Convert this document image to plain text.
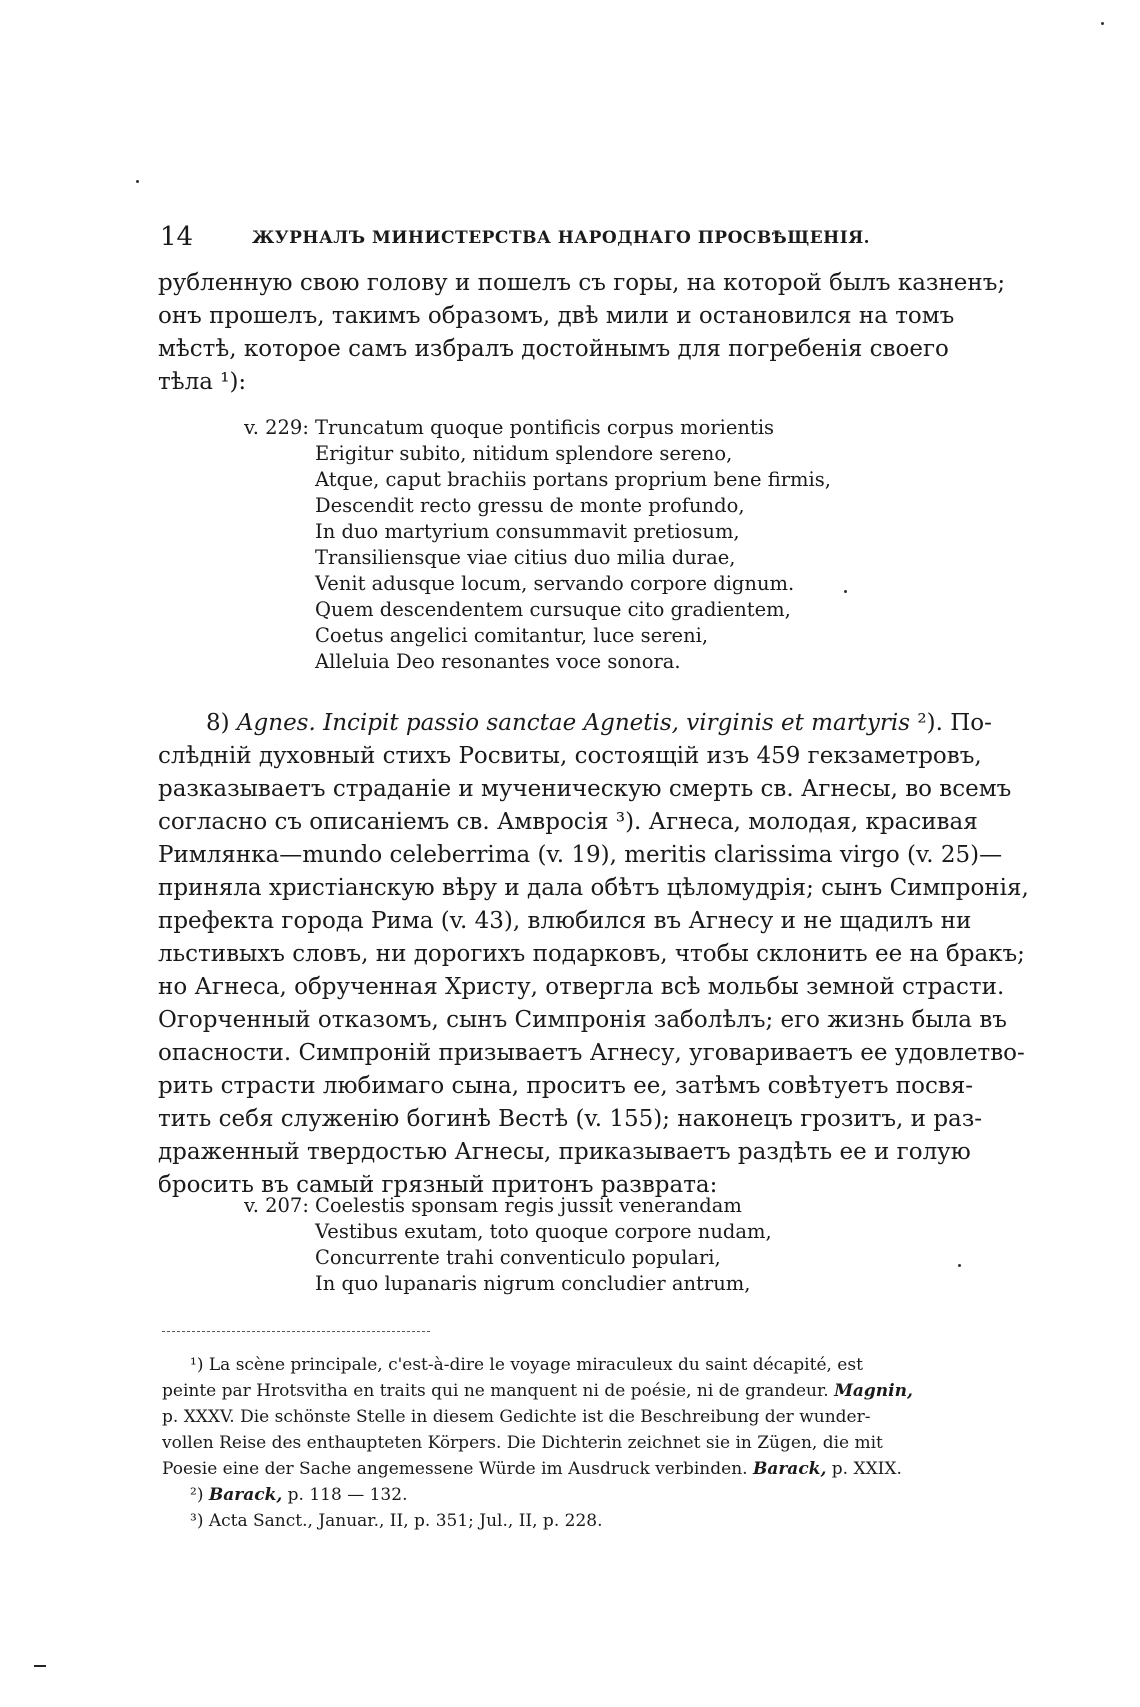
14	ЖУРНАЛЪ МИНИСТЕРСТВА НАРОДНАГО ПРОСВѢЩЕНІЯ.
рубленную свою голову и пошелъ съ горы, на которой былъ казненъ;
онъ прошелъ, такимъ образомъ, двѣ мили и остановился на томъ
мѣстѣ, которое самъ избралъ достойнымъ для погребенія своего
тѣла ¹):
v. 229: Truncatum quoque pontificis corpus morientis
Erigitur subito, nitidum splendore sereno,
Atque, caput brachiis portans proprium bene firmis,
Descendit recto gressu de monte profundo,
In duo martyrium consummavit pretiosum,
Transiliensque viae citius duo milia durae,
Venit adusque locum, servando corpore dignum.
Quem descendentem cursuque cito gradientem,
Coetus angelici comitantur, luce sereni,
Alleluia Deo resonantes voce sonora.
8) Agnes. Incipit passio sanctae Agnetis, virginis et martyris ²). По-
слѣдній духовный стихъ Росвиты, состоящій изъ 459 гекзаметровъ,
разказываетъ страданіе и мученическую смерть св. Агнесы, во всемъ
согласно съ описаніемъ св. Амвросія ³). Агнеса, молодая, красивая
Римлянка—mundo celeberrima (v. 19), meritis clarissima virgo (v. 25)—
приняла христіанскую вѣру и дала обѣтъ цѣломудрія; сынъ Симпронія,
префекта города Рима (v. 43), влюбился въ Агнесу и не щадилъ ни
льстивыхъ словъ, ни дорогихъ подарковъ, чтобы склонить ее на бракъ;
но Агнеса, обрученная Христу, отвергла всѣ мольбы земной страсти.
Огорченный отказомъ, сынъ Симпронія заболѣлъ; его жизнь была въ
опасности. Симпроній призываетъ Агнесу, уговариваетъ ее удовлетво-
рить страсти любимаго сына, проситъ ее, затѣмъ совѣтуетъ посвя-
тить себя служенію богинѣ Вестѣ (v. 155); наконецъ грозитъ, и раз-
драженный твердостью Агнесы, приказываетъ раздѣть ее и голую
бросить въ самый грязный притонъ разврата:
v. 207: Coelestis sponsam regis jussit venerandam
Vestibus exutam, toto quoque corpore nudam,
Concurrente trahi conventiculo populari,
In quo lupanaris nigrum concludier antrum,
¹) La scène principale, c'est-à-dire le voyage miraculeux du saint décapité, est
peinte par Hrotsvitha en traits qui ne manquent ni de poésie, ni de grandeur. Magnin,
p. XXXV. Die schönste Stelle in diesem Gedichte ist die Beschreibung der wunder-
vollen Reise des enthaupteten Körpers. Die Dichterin zeichnet sie in Zügen, die mit
Poesie eine der Sache angemessene Würde im Ausdruck verbinden. Barack, p. XXIX.
²) Barack, p. 118 — 132.
³) Acta Sanct., Januar., II, p. 351; Jul., II, p. 228.
